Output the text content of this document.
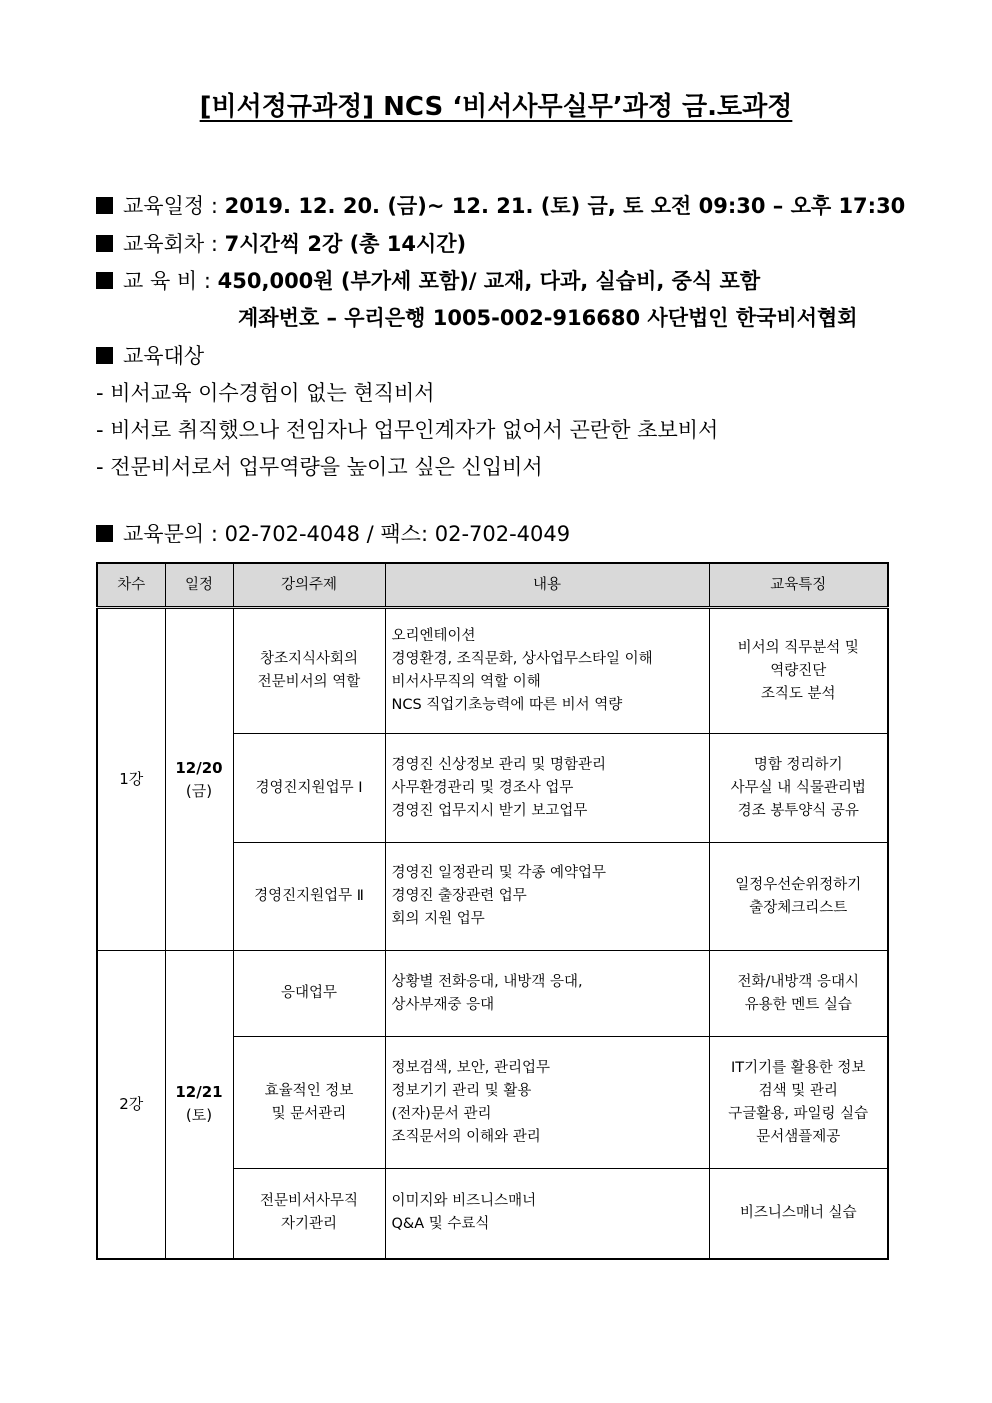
[비서정규과정] NCS ‘비서사무실무’과정 금.토과정
교육일정 : 2019. 12. 20. (금)~ 12. 21. (토) 금, 토 오전 09:30 – 오후 17:30
교육회차 : 7시간씩 2강 (총 14시간)
교 육 비 : 450,000원 (부가세 포함)/ 교재, 다과, 실습비, 중식 포함
계좌번호 – 우리은행 1005-002-916680 사단법인 한국비서협회
교육대상
- 비서교육 이수경험이 없는 현직비서
- 비서로 취직했으나 전임자나 업무인계자가 없어서 곤란한 초보비서
- 전문비서로서 업무역량을 높이고 싶은 신입비서
교육문의 : 02-702-4048 / 팩스: 02-702-4049
차수	일정	강의주제	내용	교육특징
1강	12/20
(금)	창조지식사회의
전문비서의 역할	오리엔테이션
경영환경, 조직문화, 상사업무스타일 이해
비서사무직의 역할 이해
NCS 직업기초능력에 따른 비서 역량	비서의 직무분석 및
역량진단
조직도 분석

		경영진지원업무 Ⅰ	경영진 신상정보 관리 및 명함관리
사무환경관리 및 경조사 업무
경영진 업무지시 받기 보고업무	명함 정리하기
사무실 내 식물관리법
경조 봉투양식 공유

		경영진지원업무 Ⅱ	경영진 일정관리 및 각종 예약업무
경영진 출장관련 업무
회의 지원 업무	일정우선순위정하기
출장체크리스트

2강	12/21
(토)	응대업무	상황별 전화응대, 내방객 응대,
상사부재중 응대	전화/내방객 응대시
유용한 멘트 실습

		효율적인 정보
및 문서관리	정보검색, 보안, 관리업무
정보기기 관리 및 활용
(전자)문서 관리
조직문서의 이해와 관리	IT기기를 활용한 정보
검색 및 관리
구글활용, 파일링 실습
문서샘플제공

		전문비서사무직
자기관리	이미지와 비즈니스매너
Q&A 및 수료식	비즈니스매너 실습
